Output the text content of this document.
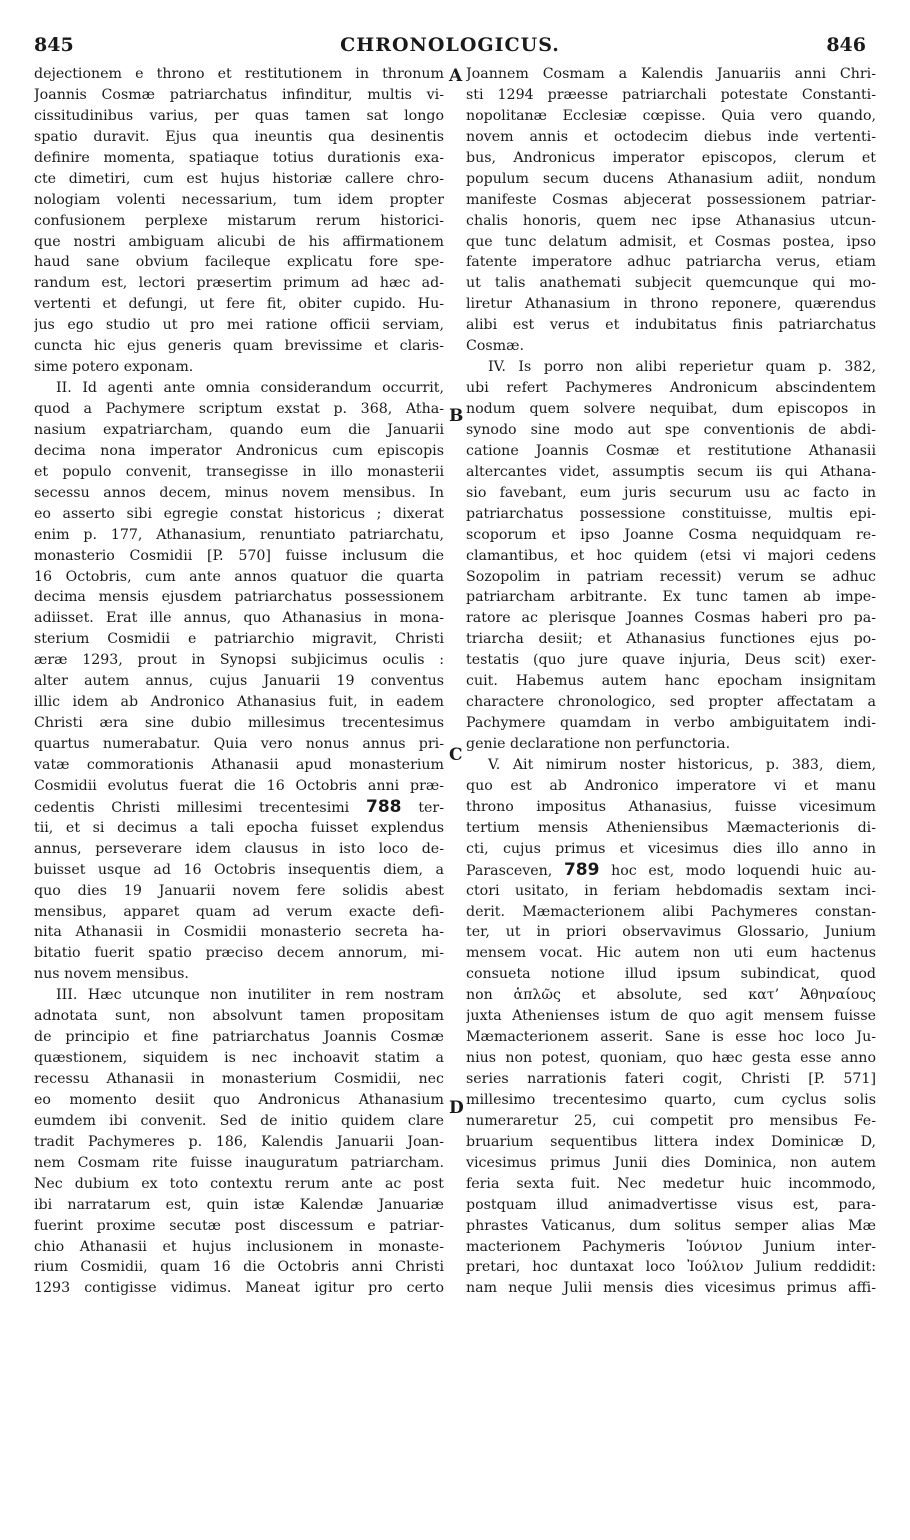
845	CHRONOLOGICUS.	846
dejectionem e throno et restitutionem in thronum
Joannis Cosmæ patriarchatus infinditur, multis vi-
cissitudinibus varius, per quas tamen sat longo
spatio duravit. Ejus qua ineuntis qua desinentis
definire momenta, spatiaque totius durationis exa-
cte dimetiri, cum est hujus historiæ callere chro-
nologiam volenti necessarium, tum idem propter
confusionem perplexe mistarum rerum historici-
que nostri ambiguam alicubi de his affirmationem
haud sane obvium facileque explicatu fore spe-
randum est, lectori præsertim primum ad hæc ad-
vertenti et defungi, ut fere fit, obiter cupido. Hu-
jus ego studio ut pro mei ratione officii serviam,
cuncta hic ejus generis quam brevissime et claris-
sime potero exponam.
II. Id agenti ante omnia considerandum occurrit,
quod a Pachymere scriptum exstat p. 368, Atha-
nasium expatriarcham, quando eum die Januarii
decima nona imperator Andronicus cum episcopis
et populo convenit, transegisse in illo monasterii
secessu annos decem, minus novem mensibus. In
eo asserto sibi egregie constat historicus ; dixerat
enim p. 177, Athanasium, renuntiato patriarchatu,
monasterio Cosmidii [P. 570] fuisse inclusum die
16 Octobris, cum ante annos quatuor die quarta
decima mensis ejusdem patriarchatus possessionem
adiisset. Erat ille annus, quo Athanasius in mona-
sterium Cosmidii e patriarchio migravit, Christi
æræ 1293, prout in Synopsi subjicimus oculis :
alter autem annus, cujus Januarii 19 conventus
illic idem ab Andronico Athanasius fuit, in eadem
Christi æra sine dubio millesimus trecentesimus
quartus numerabatur. Quia vero nonus annus pri-
vatæ commorationis Athanasii apud monasterium
Cosmidii evolutus fuerat die 16 Octobris anni præ-
cedentis Christi millesimi trecentesimi 788 ter-
tii, et si decimus a tali epocha fuisset explendus
annus, perseverare idem clausus in isto loco de-
buisset usque ad 16 Octobris insequentis diem, a
quo dies 19 Januarii novem fere solidis abest
mensibus, apparet quam ad verum exacte defi-
nita Athanasii in Cosmidii monasterio secreta ha-
bitatio fuerit spatio præciso decem annorum, mi-
nus novem mensibus.
III. Hæc utcunque non inutiliter in rem nostram
adnotata sunt, non absolvunt tamen propositam
de principio et fine patriarchatus Joannis Cosmæ
quæstionem, siquidem is nec inchoavit statim a
recessu Athanasii in monasterium Cosmidii, nec
eo momento desiit quo Andronicus Athanasium
eumdem ibi convenit. Sed de initio quidem clare
tradit Pachymeres p. 186, Kalendis Januarii Joan-
nem Cosmam rite fuisse inauguratum patriarcham.
Nec dubium ex toto contextu rerum ante ac post
ibi narratarum est, quin istæ Kalendæ Januariæ
fuerint proxime secutæ post discessum e patriar-
chio Athanasii et hujus inclusionem in monaste-
rium Cosmidii, quam 16 die Octobris anni Christi
1293 contigisse vidimus. Maneat igitur pro certo
Joannem Cosmam a Kalendis Januariis anni Chri-
sti 1294 præesse patriarchali potestate Constanti-
nopolitanæ Ecclesiæ cœpisse. Quia vero quando,
novem annis et octodecim diebus inde vertenti-
bus, Andronicus imperator episcopos, clerum et
populum secum ducens Athanasium adiit, nondum
manifeste Cosmas abjecerat possessionem patriar-
chalis honoris, quem nec ipse Athanasius utcun-
que tunc delatum admisit, et Cosmas postea, ipso
fatente imperatore adhuc patriarcha verus, etiam
ut talis anathemati subjecit quemcunque qui mo-
liretur Athanasium in throno reponere, quærendus
alibi est verus et indubitatus finis patriarchatus
Cosmæ.
IV. Is porro non alibi reperietur quam p. 382,
ubi refert Pachymeres Andronicum abscindentem
nodum quem solvere nequibat, dum episcopos in
synodo sine modo aut spe conventionis de abdi-
catione Joannis Cosmæ et restitutione Athanasii
altercantes videt, assumptis secum iis qui Athana-
sio favebant, eum juris securum usu ac facto in
patriarchatus possessione constituisse, multis epi-
scoporum et ipso Joanne Cosma nequidquam re-
clamantibus, et hoc quidem (etsi vi majori cedens
Sozopolim in patriam recessit) verum se adhuc
patriarcham arbitrante. Ex tunc tamen ab impe-
ratore ac plerisque Joannes Cosmas haberi pro pa-
triarcha desiit; et Athanasius functiones ejus po-
testatis (quo jure quave injuria, Deus scit) exer-
cuit. Habemus autem hanc epocham insignitam
charactere chronologico, sed propter affectatam a
Pachymere quamdam in verbo ambiguitatem indi-
genie declaratione non perfunctoria.
V. Ait nimirum noster historicus, p. 383, diem,
quo est ab Andronico imperatore vi et manu
throno impositus Athanasius, fuisse vicesimum
tertium mensis Atheniensibus Mæmacterionis di-
cti, cujus primus et vicesimus dies illo anno in
Parasceven, 789 hoc est, modo loquendi huic au-
ctori usitato, in feriam hebdomadis sextam inci-
derit. Mæmacterionem alibi Pachymeres constan-
ter, ut in priori observavimus Glossario, Junium
mensem vocat. Hic autem non uti eum hactenus
consueta notione illud ipsum subindicat, quod
non ἁπλῶς et absolute, sed κατ’ Ἀθηναίους
juxta Athenienses istum de quo agit mensem fuisse
Mæmacterionem asserit. Sane is esse hoc loco Ju-
nius non potest, quoniam, quo hæc gesta esse anno
series narrationis fateri cogit, Christi [P. 571]
millesimo trecentesimo quarto, cum cyclus solis
numeraretur 25, cui competit pro mensibus Fe-
bruarium sequentibus littera index Dominicæ D,
vicesimus primus Junii dies Dominica, non autem
feria sexta fuit. Nec medetur huic incommodo,
postquam illud animadvertisse visus est, para-
phrastes Vaticanus, dum solitus semper alias Mæ
macterionem Pachymeris Ἰούνιον Junium inter-
pretari, hoc duntaxat loco Ἰούλιον Julium reddidit:
nam neque Julii mensis dies vicesimus primus affi-
A
B
C
D
